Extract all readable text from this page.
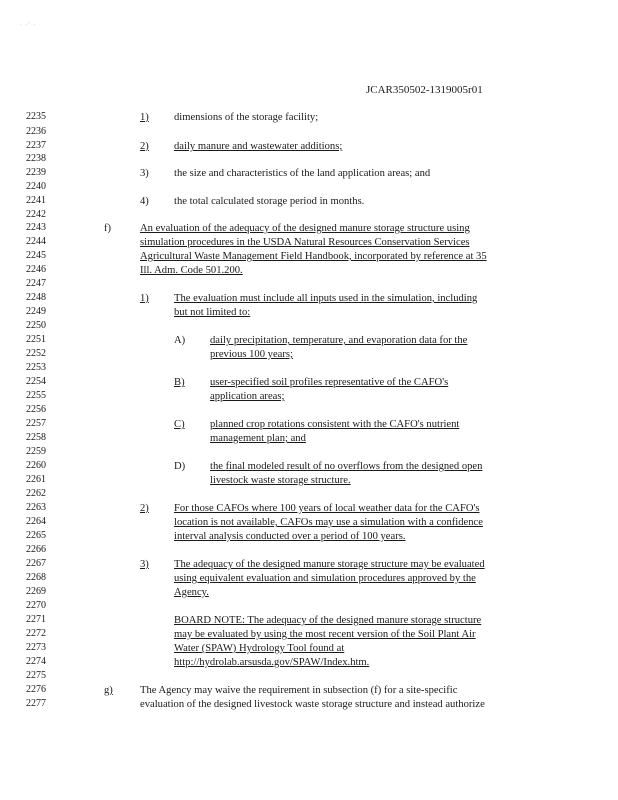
· ·′ ·
JCAR350502-1319005r01
2235
2236
2237
2238
2239
2240
2241
2242
2243
2244
2245
2246
2247
2248
2249
2250
2251
2252
2253
2254
2255
2256
2257
2258
2259
2260
2261
2262
2263
2264
2265
2266
2267
2268
2269
2270
2271
2272
2273
2274
2275
2276
2277
1) dimensions of the storage facility;
2) daily manure and wastewater additions;
3) the size and characteristics of the land application areas; and
4) the total calculated storage period in months.
f)	An evaluation of the adequacy of the designed manure storage structure using
simulation procedures in the USDA Natural Resources Conservation Services
Agricultural Waste Management Field Handbook, incorporated by reference at 35
Ill. Adm. Code 501.200.
1) The evaluation must include all inputs used in the simulation, including
but not limited to:
A) daily precipitation, temperature, and evaporation data for the
previous 100 years;
B) user-specified soil profiles representative of the CAFO's
application areas;
C) planned crop rotations consistent with the CAFO's nutrient
management plan; and
D) the final modeled result of no overflows from the designed open
livestock waste storage structure.
2) For those CAFOs where 100 years of local weather data for the CAFO's
location is not available, CAFOs may use a simulation with a confidence
interval analysis conducted over a period of 100 years.
3) The adequacy of the designed manure storage structure may be evaluated
using equivalent evaluation and simulation procedures approved by the
Agency.
BOARD NOTE: The adequacy of the designed manure storage structure
may be evaluated by using the most recent version of the Soil Plant Air
Water (SPAW) Hydrology Tool found at
http://hydrolab.arsusda.gov/SPAW/Index.htm.
g)	The Agency may waive the requirement in subsection (f) for a site-specific
evaluation of the designed livestock waste storage structure and instead authorize
